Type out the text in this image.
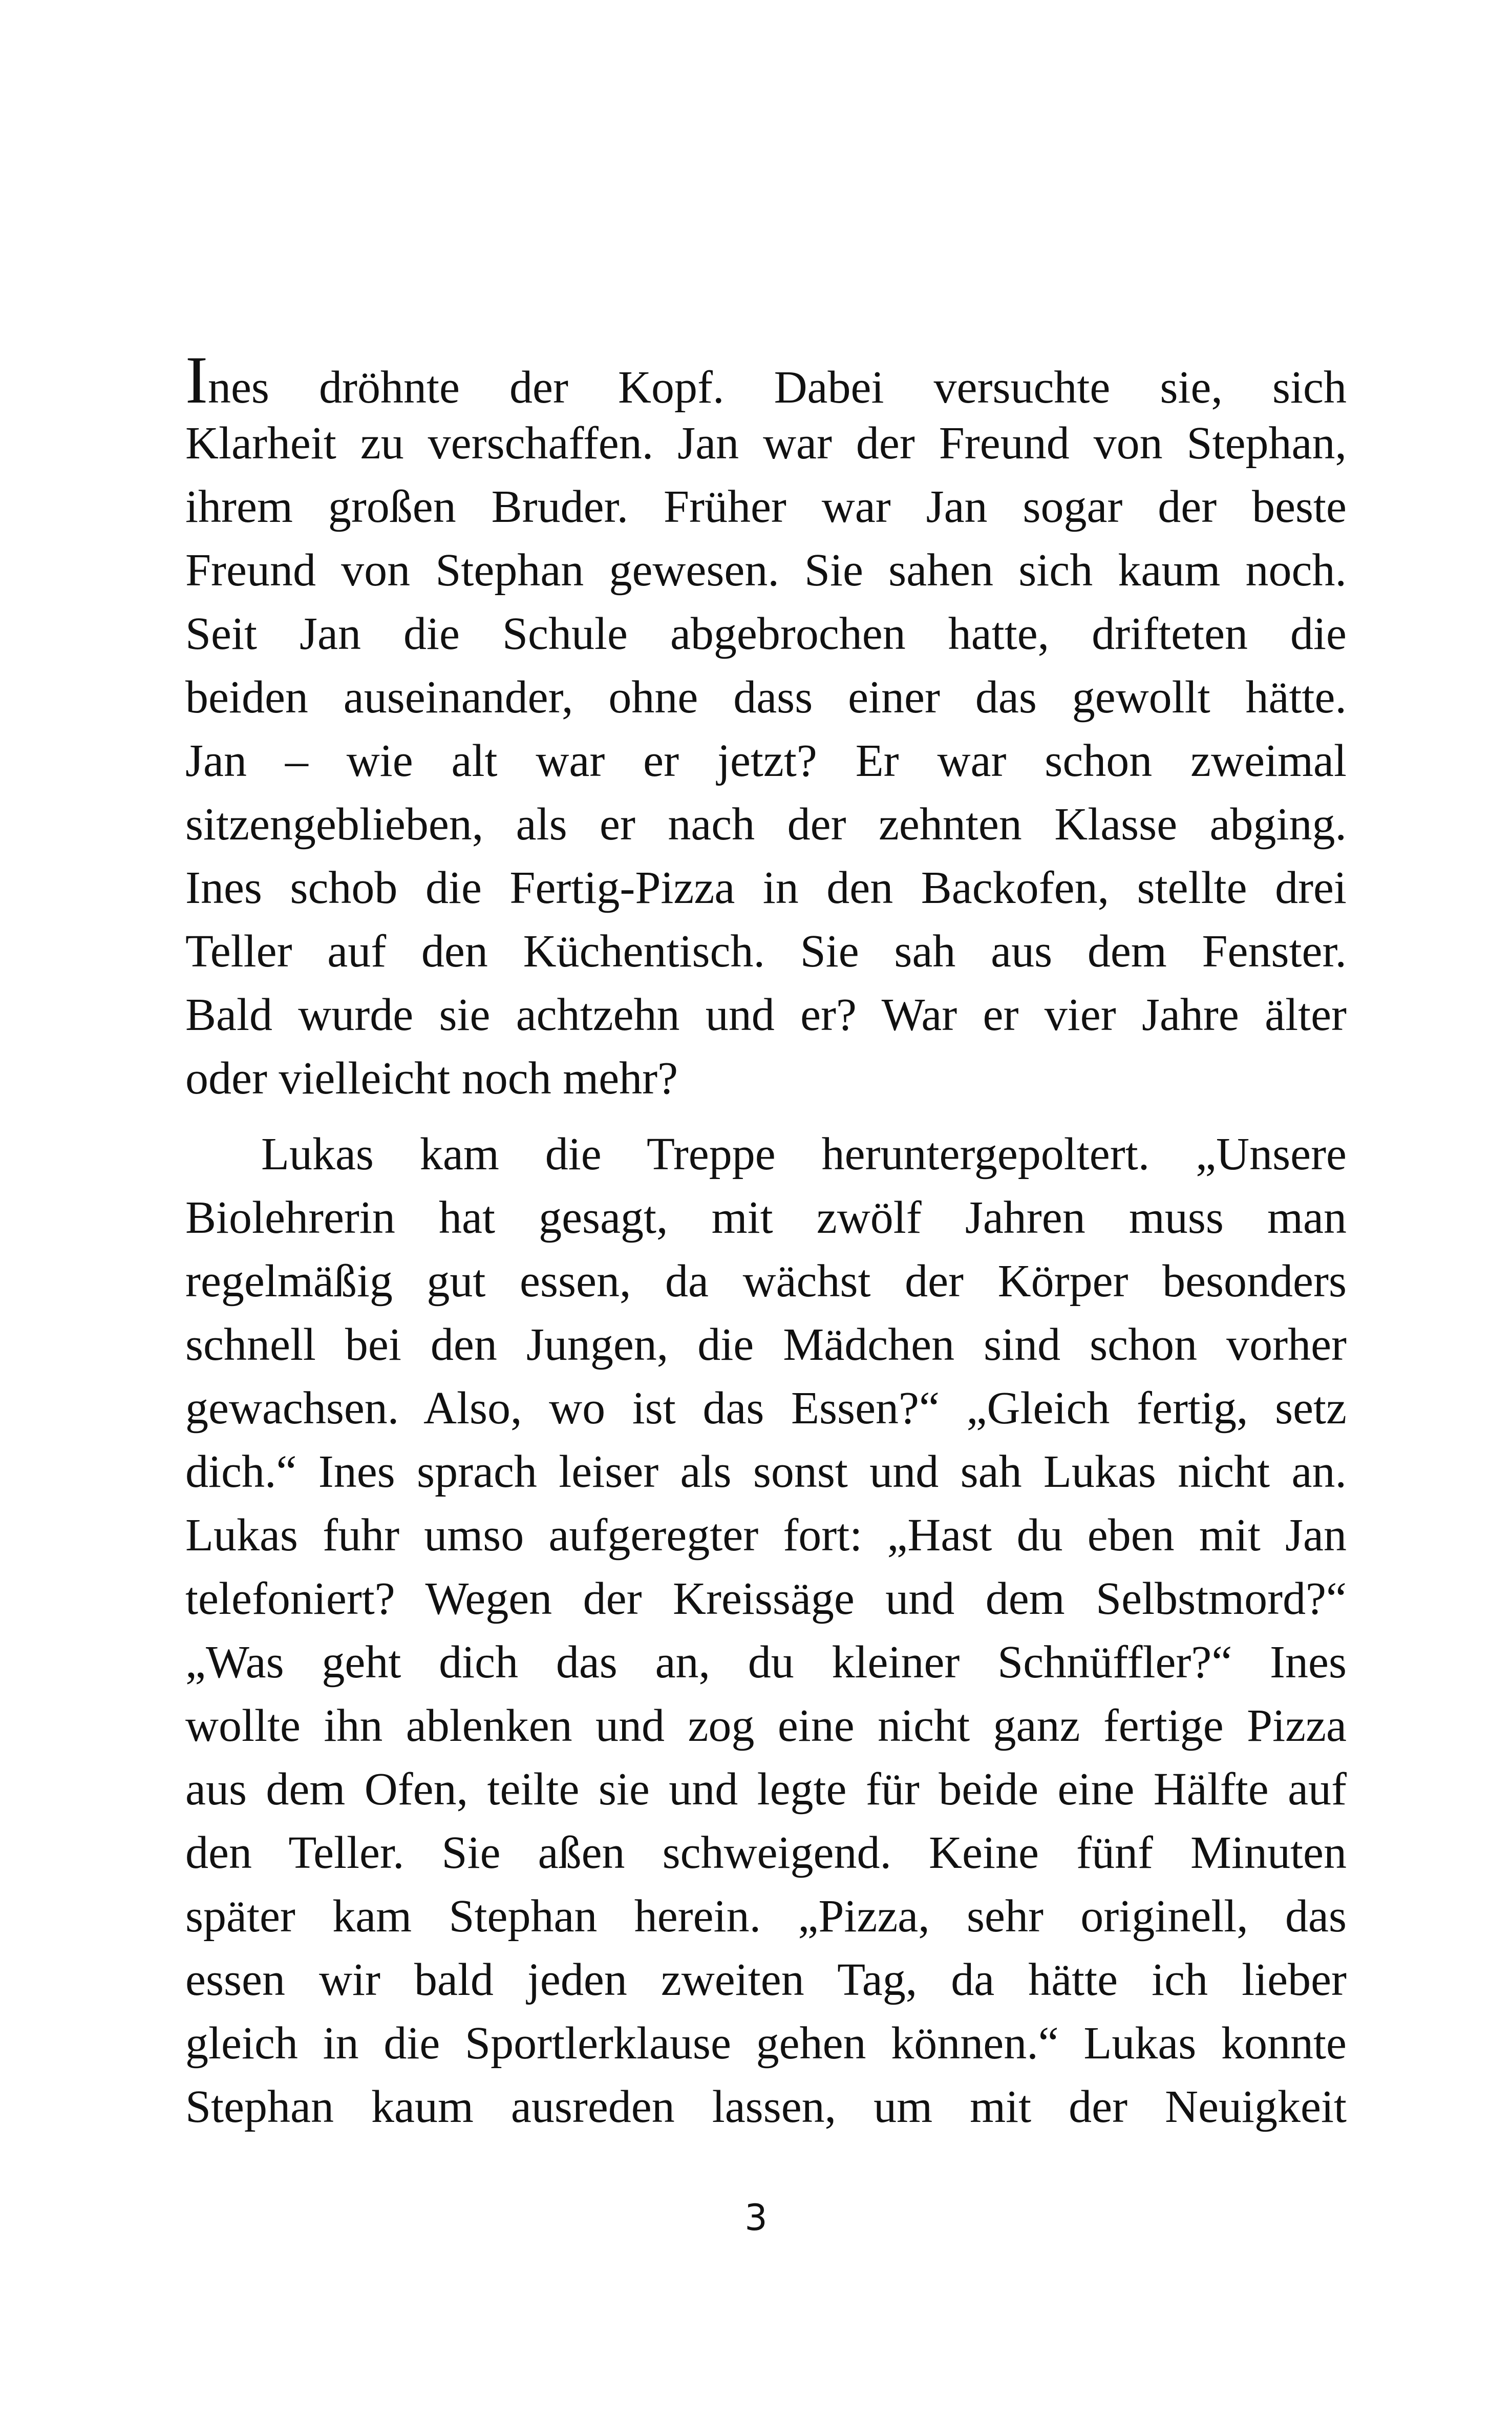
Ines dröhnte der Kopf. Dabei versuchte sie, sich
Klarheit zu verschaffen. Jan war der Freund von Stephan,
ihrem großen Bruder. Früher war Jan sogar der beste
Freund von Stephan gewesen. Sie sahen sich kaum noch.
Seit Jan die Schule abgebrochen hatte, drifteten die
beiden auseinander, ohne dass einer das gewollt hätte.
Jan – wie alt war er jetzt? Er war schon zweimal
sitzengeblieben, als er nach der zehnten Klasse abging.
Ines schob die Fertig-Pizza in den Backofen, stellte drei
Teller auf den Küchentisch. Sie sah aus dem Fenster.
Bald wurde sie achtzehn und er? War er vier Jahre älter
oder vielleicht noch mehr?
Lukas kam die Treppe heruntergepoltert. „Unsere
Biolehrerin hat gesagt, mit zwölf Jahren muss man
regelmäßig gut essen, da wächst der Körper besonders
schnell bei den Jungen, die Mädchen sind schon vorher
gewachsen. Also, wo ist das Essen?“ „Gleich fertig, setz
dich.“ Ines sprach leiser als sonst und sah Lukas nicht an.
Lukas fuhr umso aufgeregter fort: „Hast du eben mit Jan
telefoniert? Wegen der Kreissäge und dem Selbstmord?“
„Was geht dich das an, du kleiner Schnüffler?“ Ines
wollte ihn ablenken und zog eine nicht ganz fertige Pizza
aus dem Ofen, teilte sie und legte für beide eine Hälfte auf
den Teller. Sie aßen schweigend. Keine fünf Minuten
später kam Stephan herein. „Pizza, sehr originell, das
essen wir bald jeden zweiten Tag, da hätte ich lieber
gleich in die Sportlerklause gehen können.“ Lukas konnte
Stephan kaum ausreden lassen, um mit der Neuigkeit
3
